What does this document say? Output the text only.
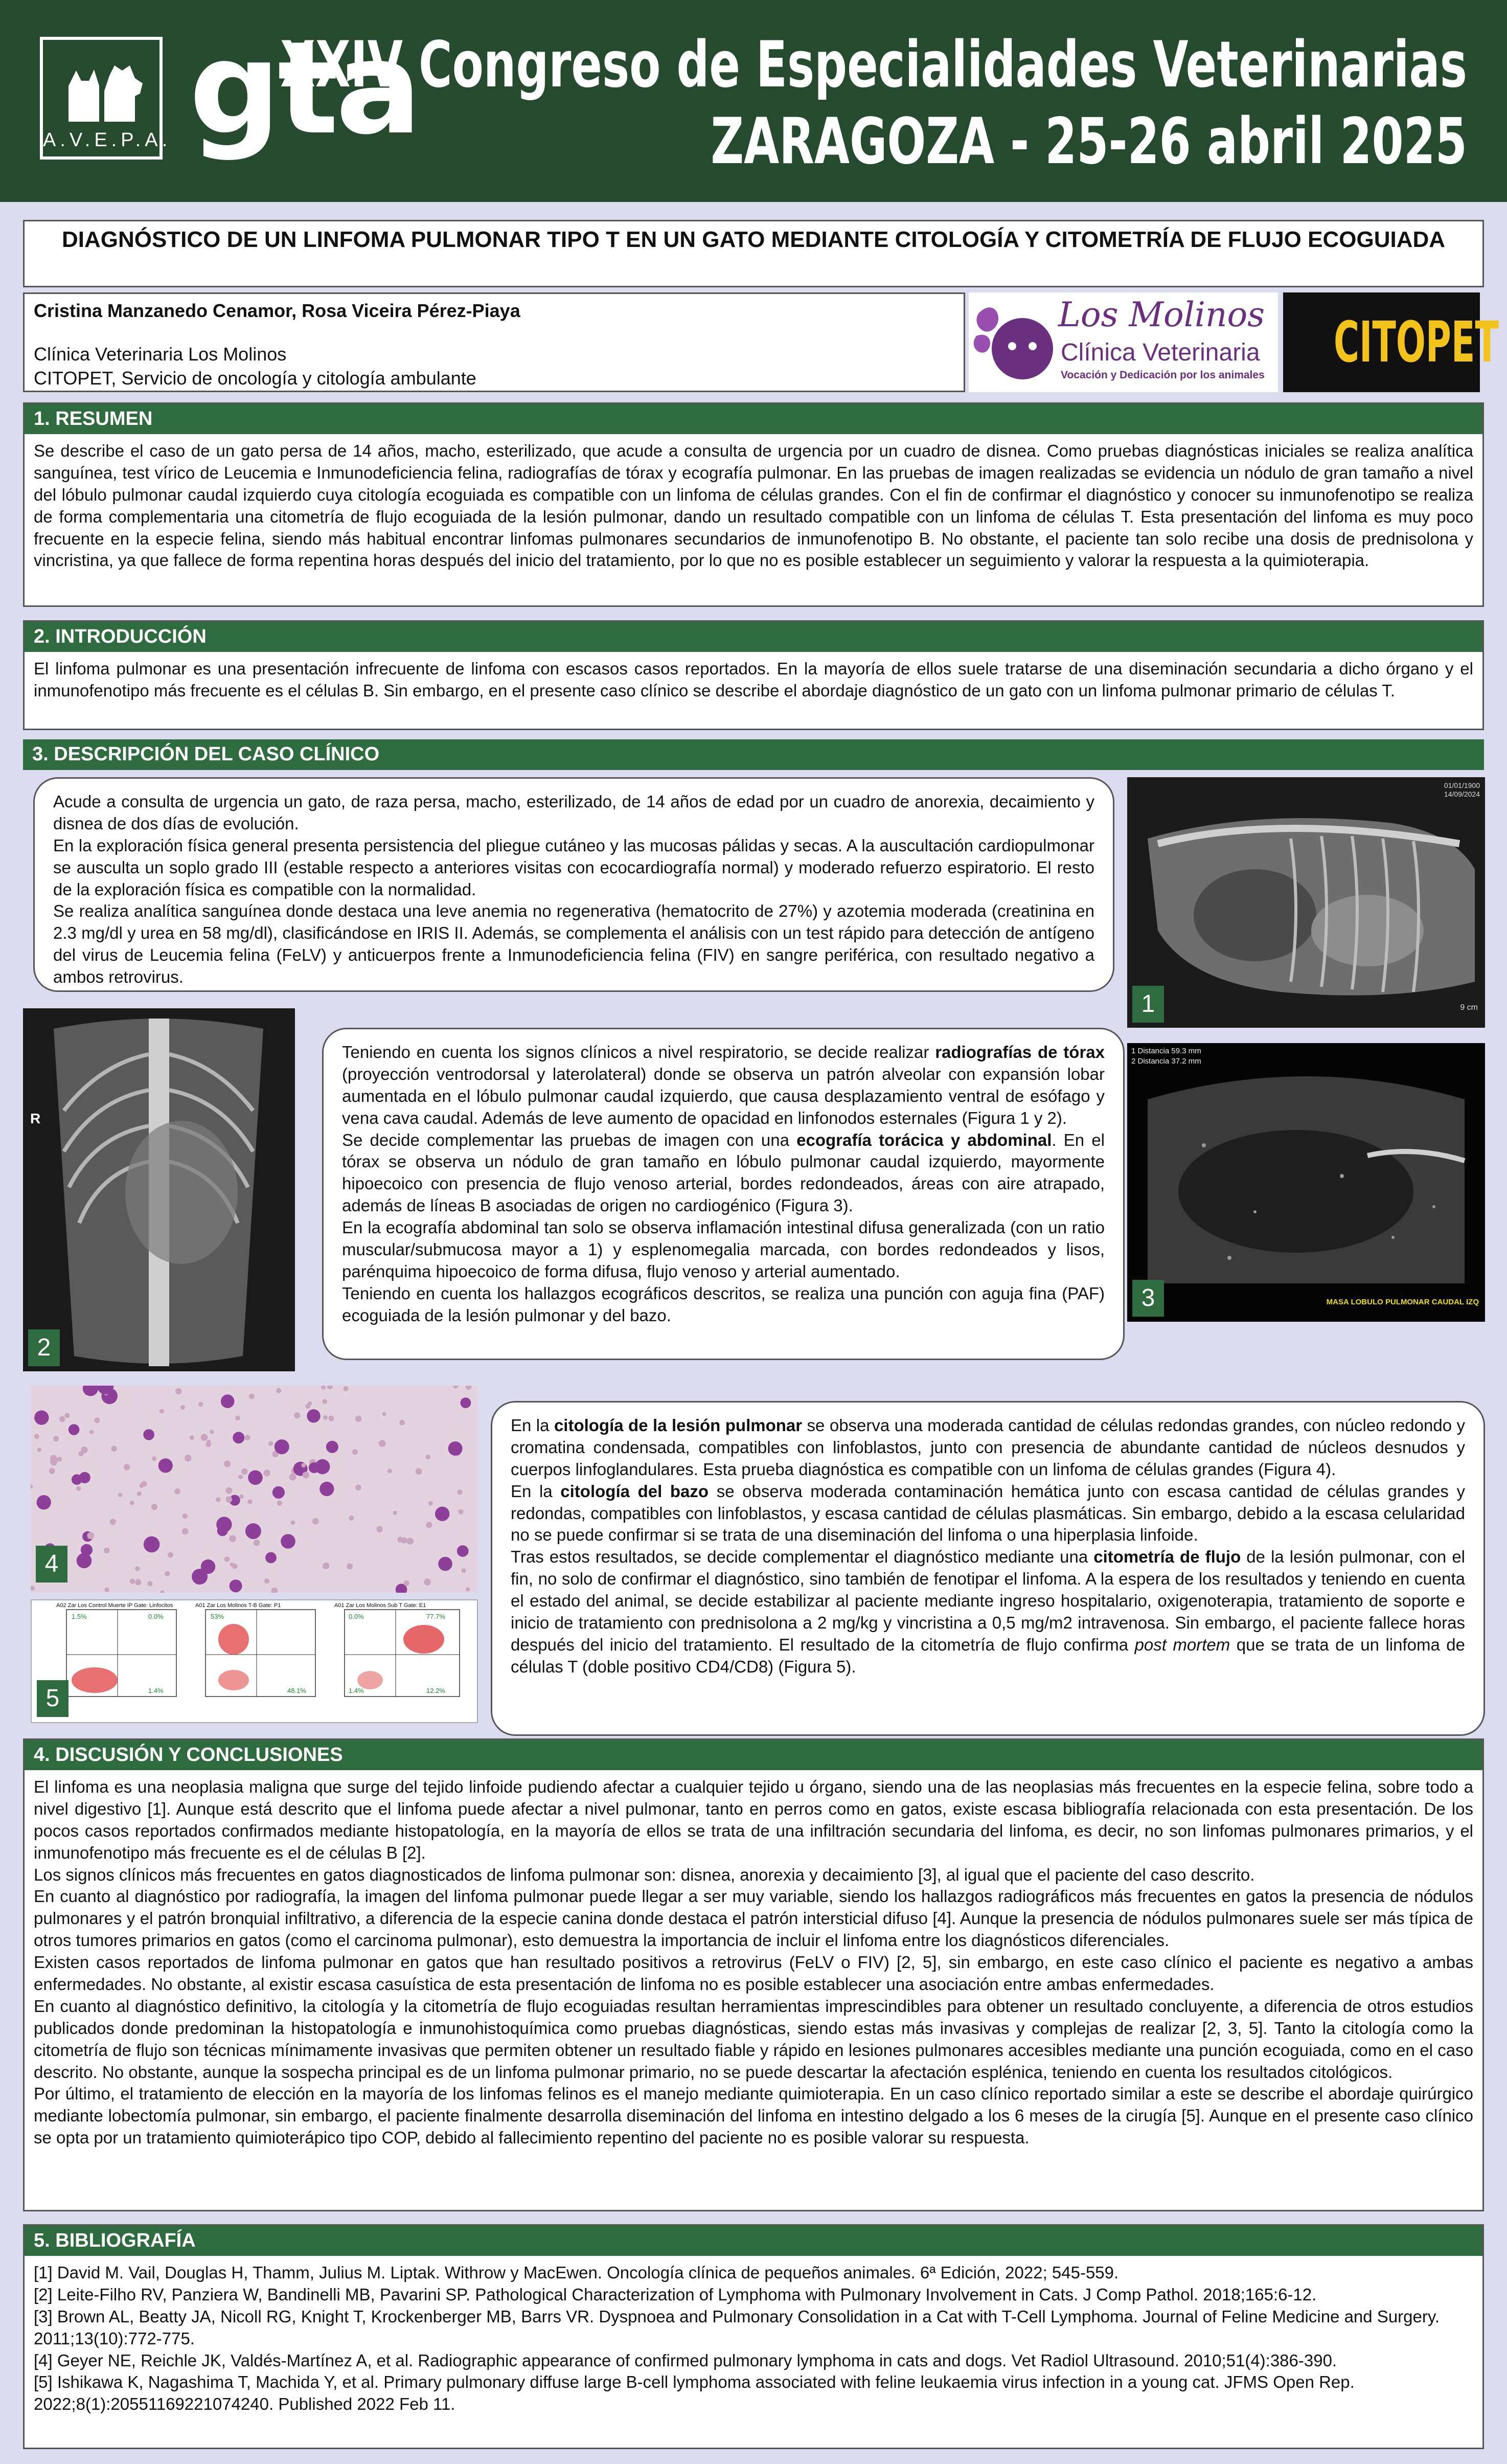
A.V.E.P.A. gta
XXIV Congreso de Especialidades Veterinarias
ZARAGOZA - 25-26 abril 2025
DIAGNÓSTICO DE UN LINFOMA PULMONAR TIPO T EN UN GATO MEDIANTE CITOLOGÍA Y CITOMETRÍA DE FLUJO ECOGUIADA
Cristina Manzanedo Cenamor, Rosa Viceira Pérez-Piaya
Clínica Veterinaria Los Molinos
CITOPET, Servicio de oncología y citología ambulante
Los Molinos
Clínica Veterinaria
Vocación y Dedicación por los animales
CITOPET
1. RESUMEN
Se describe el caso de un gato persa de 14 años, macho, esterilizado, que acude a consulta de urgencia por un cuadro de disnea. Como pruebas diagnósticas iniciales se realiza analítica sanguínea, test vírico de Leucemia e Inmunodeficiencia felina, radiografías de tórax y ecografía pulmonar. En las pruebas de imagen realizadas se evidencia un nódulo de gran tamaño a nivel del lóbulo pulmonar caudal izquierdo cuya citología ecoguiada es compatible con un linfoma de células grandes. Con el fin de confirmar el diagnóstico y conocer su inmunofenotipo se realiza de forma complementaria una citometría de flujo ecoguiada de la lesión pulmonar, dando un resultado compatible con un linfoma de células T. Esta presentación del linfoma es muy poco frecuente en la especie felina, siendo más habitual encontrar linfomas pulmonares secundarios de inmunofenotipo B. No obstante, el paciente tan solo recibe una dosis de prednisolona y vincristina, ya que fallece de forma repentina horas después del inicio del tratamiento, por lo que no es posible establecer un seguimiento y valorar la respuesta a la quimioterapia.
2. INTRODUCCIÓN
El linfoma pulmonar es una presentación infrecuente de linfoma con escasos casos reportados. En la mayoría de ellos suele tratarse de una diseminación secundaria a dicho órgano y el inmunofenotipo más frecuente es el células B. Sin embargo, en el presente caso clínico se describe el abordaje diagnóstico de un gato con un linfoma pulmonar primario de células T.
3. DESCRIPCIÓN DEL CASO CLÍNICO

Acude a consulta de urgencia un gato, de raza persa, macho, esterilizado, de 14 años de edad por un cuadro de anorexia, decaimiento y disnea de dos días de evolución.

En la exploración física general presenta persistencia del pliegue cutáneo y las mucosas pálidas y secas. A la auscultación cardiopulmonar se ausculta un soplo grado III (estable respecto a anteriores visitas con ecocardiografía normal) y moderado refuerzo espiratorio. El resto de la exploración física es compatible con la normalidad.

Se realiza analítica sanguínea donde destaca una leve anemia no regenerativa (hematocrito de 27%) y azotemia moderada (creatinina en 2.3 mg/dl y urea en 58 mg/dl), clasificándose en IRIS II. Además, se complementa el análisis con un test rápido para detección de antígeno del virus de Leucemia felina (FeLV) y anticuerpos frente a Inmunodeficiencia felina (FIV) en sangre periférica, con resultado negativo a ambos retrovirus.

01/01/1900
14/09/2024
9 cm
1
R
2

Teniendo en cuenta los signos clínicos a nivel respiratorio, se decide realizar radiografías de tórax (proyección ventrodorsal y laterolateral) donde se observa un patrón alveolar con expansión lobar aumentada en el lóbulo pulmonar caudal izquierdo, que causa desplazamiento ventral de esófago y vena cava caudal. Además de leve aumento de opacidad en linfonodos esternales (Figura 1 y 2).

Se decide complementar las pruebas de imagen con una ecografía torácica y abdominal. En el tórax se observa un nódulo de gran tamaño en lóbulo pulmonar caudal izquierdo, mayormente hipoecoico con presencia de flujo venoso arterial, bordes redondeados, áreas con aire atrapado, además de líneas B asociadas de origen no cardiogénico (Figura 3).

En la ecografía abdominal tan solo se observa inflamación intestinal difusa generalizada (con un ratio muscular/submucosa mayor a 1) y esplenomegalia marcada, con bordes redondeados y lisos, parénquima hipoecoico de forma difusa, flujo venoso y arterial aumentado.

Teniendo en cuenta los hallazgos ecográficos descritos, se realiza una punción con aguja fina (PAF) ecoguiada de la lesión pulmonar y del bazo.

1 Distancia 59.3 mm
2 Distancia 37.2 mm
MASA LOBULO PULMONAR CAUDAL IZQ
3
4
A02 Zar Los Control Muerte IP Gate: Linfocitos
1.5%	0.0%
1.4%
A01 Zar Los Molinos T-B Gate: P1
53%
48.1%
A01 Zar Los Molinos Sub T Gate: E1
0.0%	77.7%
1.4%	12.2%
5

En la citología de la lesión pulmonar se observa una moderada cantidad de células redondas grandes, con núcleo redondo y cromatina condensada, compatibles con linfoblastos, junto con presencia de abundante cantidad de núcleos desnudos y cuerpos linfoglandulares. Esta prueba diagnóstica es compatible con un linfoma de células grandes (Figura 4).

En la citología del bazo se observa moderada contaminación hemática junto con escasa cantidad de células grandes y redondas, compatibles con linfoblastos, y escasa cantidad de células plasmáticas. Sin embargo, debido a la escasa celularidad no se puede confirmar si se trata de una diseminación del linfoma o una hiperplasia linfoide.

Tras estos resultados, se decide complementar el diagnóstico mediante una citometría de flujo de la lesión pulmonar, con el fin, no solo de confirmar el diagnóstico, sino también de fenotipar el linfoma. A la espera de los resultados y teniendo en cuenta el estado del animal, se decide estabilizar al paciente mediante ingreso hospitalario, oxigenoterapia, tratamiento de soporte e inicio de tratamiento con prednisolona a 2 mg/kg y vincristina a 0,5 mg/m2 intravenosa. Sin embargo, el paciente fallece horas después del inicio del tratamiento. El resultado de la citometría de flujo confirma post mortem que se trata de un linfoma de células T (doble positivo CD4/CD8) (Figura 5).

4. DISCUSIÓN Y CONCLUSIONES

El linfoma es una neoplasia maligna que surge del tejido linfoide pudiendo afectar a cualquier tejido u órgano, siendo una de las neoplasias más frecuentes en la especie felina, sobre todo a nivel digestivo [1]. Aunque está descrito que el linfoma puede afectar a nivel pulmonar, tanto en perros como en gatos, existe escasa bibliografía relacionada con esta presentación. De los pocos casos reportados confirmados mediante histopatología, en la mayoría de ellos se trata de una infiltración secundaria del linfoma, es decir, no son linfomas pulmonares primarios, y el inmunofenotipo más frecuente es el de células B [2].

Los signos clínicos más frecuentes en gatos diagnosticados de linfoma pulmonar son: disnea, anorexia y decaimiento [3], al igual que el paciente del caso descrito.

En cuanto al diagnóstico por radiografía, la imagen del linfoma pulmonar puede llegar a ser muy variable, siendo los hallazgos radiográficos más frecuentes en gatos la presencia de nódulos pulmonares y el patrón bronquial infiltrativo, a diferencia de la especie canina donde destaca el patrón intersticial difuso [4]. Aunque la presencia de nódulos pulmonares suele ser más típica de otros tumores primarios en gatos (como el carcinoma pulmonar), esto demuestra la importancia de incluir el linfoma entre los diagnósticos diferenciales.

Existen casos reportados de linfoma pulmonar en gatos que han resultado positivos a retrovirus (FeLV o FIV) [2, 5], sin embargo, en este caso clínico el paciente es negativo a ambas enfermedades. No obstante, al existir escasa casuística de esta presentación de linfoma no es posible establecer una asociación entre ambas enfermedades.

En cuanto al diagnóstico definitivo, la citología y la citometría de flujo ecoguiadas resultan herramientas imprescindibles para obtener un resultado concluyente, a diferencia de otros estudios publicados donde predominan la histopatología e inmunohistoquímica como pruebas diagnósticas, siendo estas más invasivas y complejas de realizar [2, 3, 5]. Tanto la citología como la citometría de flujo son técnicas mínimamente invasivas que permiten obtener un resultado fiable y rápido en lesiones pulmonares accesibles mediante una punción ecoguiada, como en el caso descrito. No obstante, aunque la sospecha principal es de un linfoma pulmonar primario, no se puede descartar la afectación esplénica, teniendo en cuenta los resultados citológicos.

Por último, el tratamiento de elección en la mayoría de los linfomas felinos es el manejo mediante quimioterapia. En un caso clínico reportado similar a este se describe el abordaje quirúrgico mediante lobectomía pulmonar, sin embargo, el paciente finalmente desarrolla diseminación del linfoma en intestino delgado a los 6 meses de la cirugía [5]. Aunque en el presente caso clínico se opta por un tratamiento quimioterápico tipo COP, debido al fallecimiento repentino del paciente no es posible valorar su respuesta.

5. BIBLIOGRAFÍA

[1] David M. Vail, Douglas H, Thamm, Julius M. Liptak. Withrow y MacEwen. Oncología clínica de pequeños animales. 6ª Edición, 2022; 545-559.

[2] Leite-Filho RV, Panziera W, Bandinelli MB, Pavarini SP. Pathological Characterization of Lymphoma with Pulmonary Involvement in Cats. J Comp Pathol. 2018;165:6-12.

[3] Brown AL, Beatty JA, Nicoll RG, Knight T, Krockenberger MB, Barrs VR. Dyspnoea and Pulmonary Consolidation in a Cat with T-Cell Lymphoma. Journal of Feline Medicine and Surgery. 2011;13(10):772-775.

[4] Geyer NE, Reichle JK, Valdés-Martínez A, et al. Radiographic appearance of confirmed pulmonary lymphoma in cats and dogs. Vet Radiol Ultrasound. 2010;51(4):386-390.

[5] Ishikawa K, Nagashima T, Machida Y, et al. Primary pulmonary diffuse large B-cell lymphoma associated with feline leukaemia virus infection in a young cat. JFMS Open Rep. 2022;8(1):20551169221074240. Published 2022 Feb 11.
